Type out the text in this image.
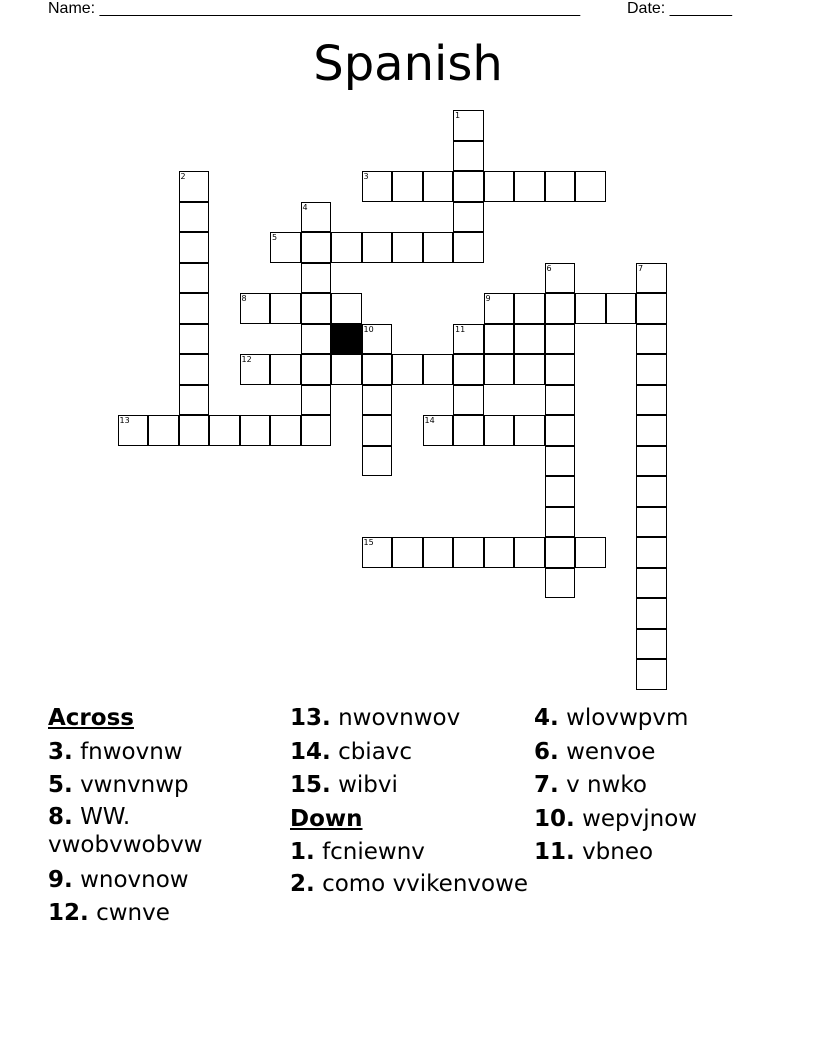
Name: ______________________________________________________	Date: _______
Spanish
1
2	3
4
5
6	7
8	9
10	11
12
13	14
15
Across
3. fnwovnw
5. vwnvnwp
8. WW. vwobvwobvw
9. wnovnow
12. cwnve
13. nwovnwov
14. cbiavc
15. wibvi
Down
1. fcniewnv
2. como vvikenvowe
4. wlovwpvm
6. wenvoe
7. v nwko
10. wepvjnow
11. vbneo
